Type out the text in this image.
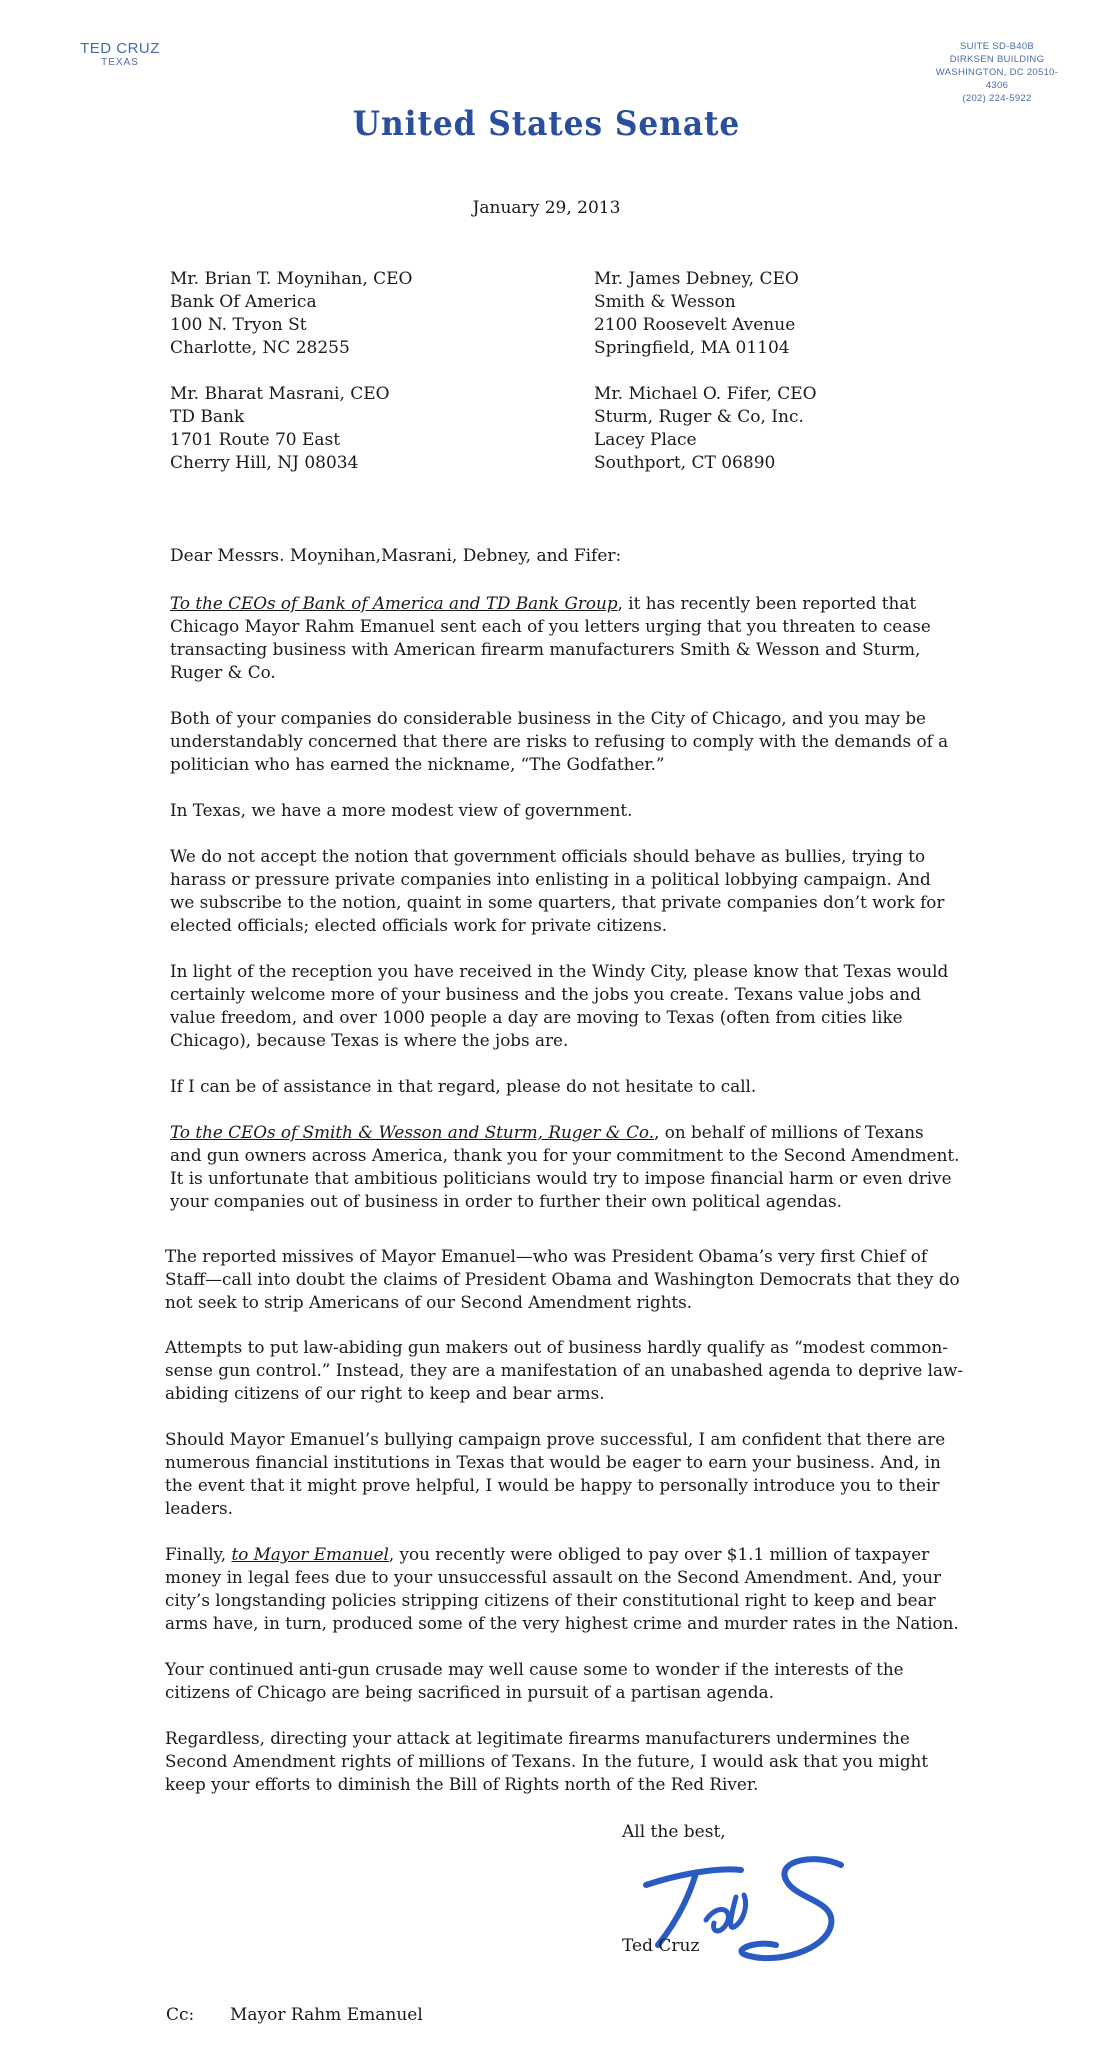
TED CRUZ
TEXAS
SUITE SD-B40B
DIRKSEN BUILDING
WASHINGTON, DC 20510-4306
(202) 224-5922
United States Senate
January 29, 2013
Mr. Brian T. Moynihan, CEO
Bank Of America
100 N. Tryon St
Charlotte, NC 28255
Mr. James Debney, CEO
Smith & Wesson
2100 Roosevelt Avenue
Springfield, MA 01104
Mr. Bharat Masrani, CEO
TD Bank
1701 Route 70 East
Cherry Hill, NJ 08034
Mr. Michael O. Fifer, CEO
Sturm, Ruger & Co, Inc.
Lacey Place
Southport, CT 06890
Dear Messrs. Moynihan,Masrani, Debney, and Fifer:
To the CEOs of Bank of America and TD Bank Group, it has recently been reported that Chicago Mayor Rahm Emanuel sent each of you letters urging that you threaten to cease transacting business with American firearm manufacturers Smith & Wesson and Sturm, Ruger & Co.
Both of your companies do considerable business in the City of Chicago, and you may be understandably concerned that there are risks to refusing to comply with the demands of a politician who has earned the nickname, “The Godfather.”
In Texas, we have a more modest view of government.
We do not accept the notion that government officials should behave as bullies, trying to harass or pressure private companies into enlisting in a political lobbying campaign. And we subscribe to the notion, quaint in some quarters, that private companies don’t work for elected officials; elected officials work for private citizens.
In light of the reception you have received in the Windy City, please know that Texas would certainly welcome more of your business and the jobs you create. Texans value jobs and value freedom, and over 1000 people a day are moving to Texas (often from cities like Chicago), because Texas is where the jobs are.
If I can be of assistance in that regard, please do not hesitate to call.
To the CEOs of Smith & Wesson and Sturm, Ruger & Co., on behalf of millions of Texans and gun owners across America, thank you for your commitment to the Second Amendment. It is unfortunate that ambitious politicians would try to impose financial harm or even drive your companies out of business in order to further their own political agendas.
The reported missives of Mayor Emanuel—who was President Obama’s very first Chief of Staff—call into doubt the claims of President Obama and Washington Democrats that they do not seek to strip Americans of our Second Amendment rights.
Attempts to put law-abiding gun makers out of business hardly qualify as “modest common-sense gun control.” Instead, they are a manifestation of an unabashed agenda to deprive law-abiding citizens of our right to keep and bear arms.
Should Mayor Emanuel’s bullying campaign prove successful, I am confident that there are numerous financial institutions in Texas that would be eager to earn your business. And, in the event that it might prove helpful, I would be happy to personally introduce you to their leaders.
Finally, to Mayor Emanuel, you recently were obliged to pay over $1.1 million of taxpayer money in legal fees due to your unsuccessful assault on the Second Amendment. And, your city’s longstanding policies stripping citizens of their constitutional right to keep and bear arms have, in turn, produced some of the very highest crime and murder rates in the Nation.
Your continued anti-gun crusade may well cause some to wonder if the interests of the citizens of Chicago are being sacrificed in pursuit of a partisan agenda.
Regardless, directing your attack at legitimate firearms manufacturers undermines the Second Amendment rights of millions of Texans. In the future, I would ask that you might keep your efforts to diminish the Bill of Rights north of the Red River.
All the best,
Ted Cruz
Cc: Mayor Rahm Emanuel
